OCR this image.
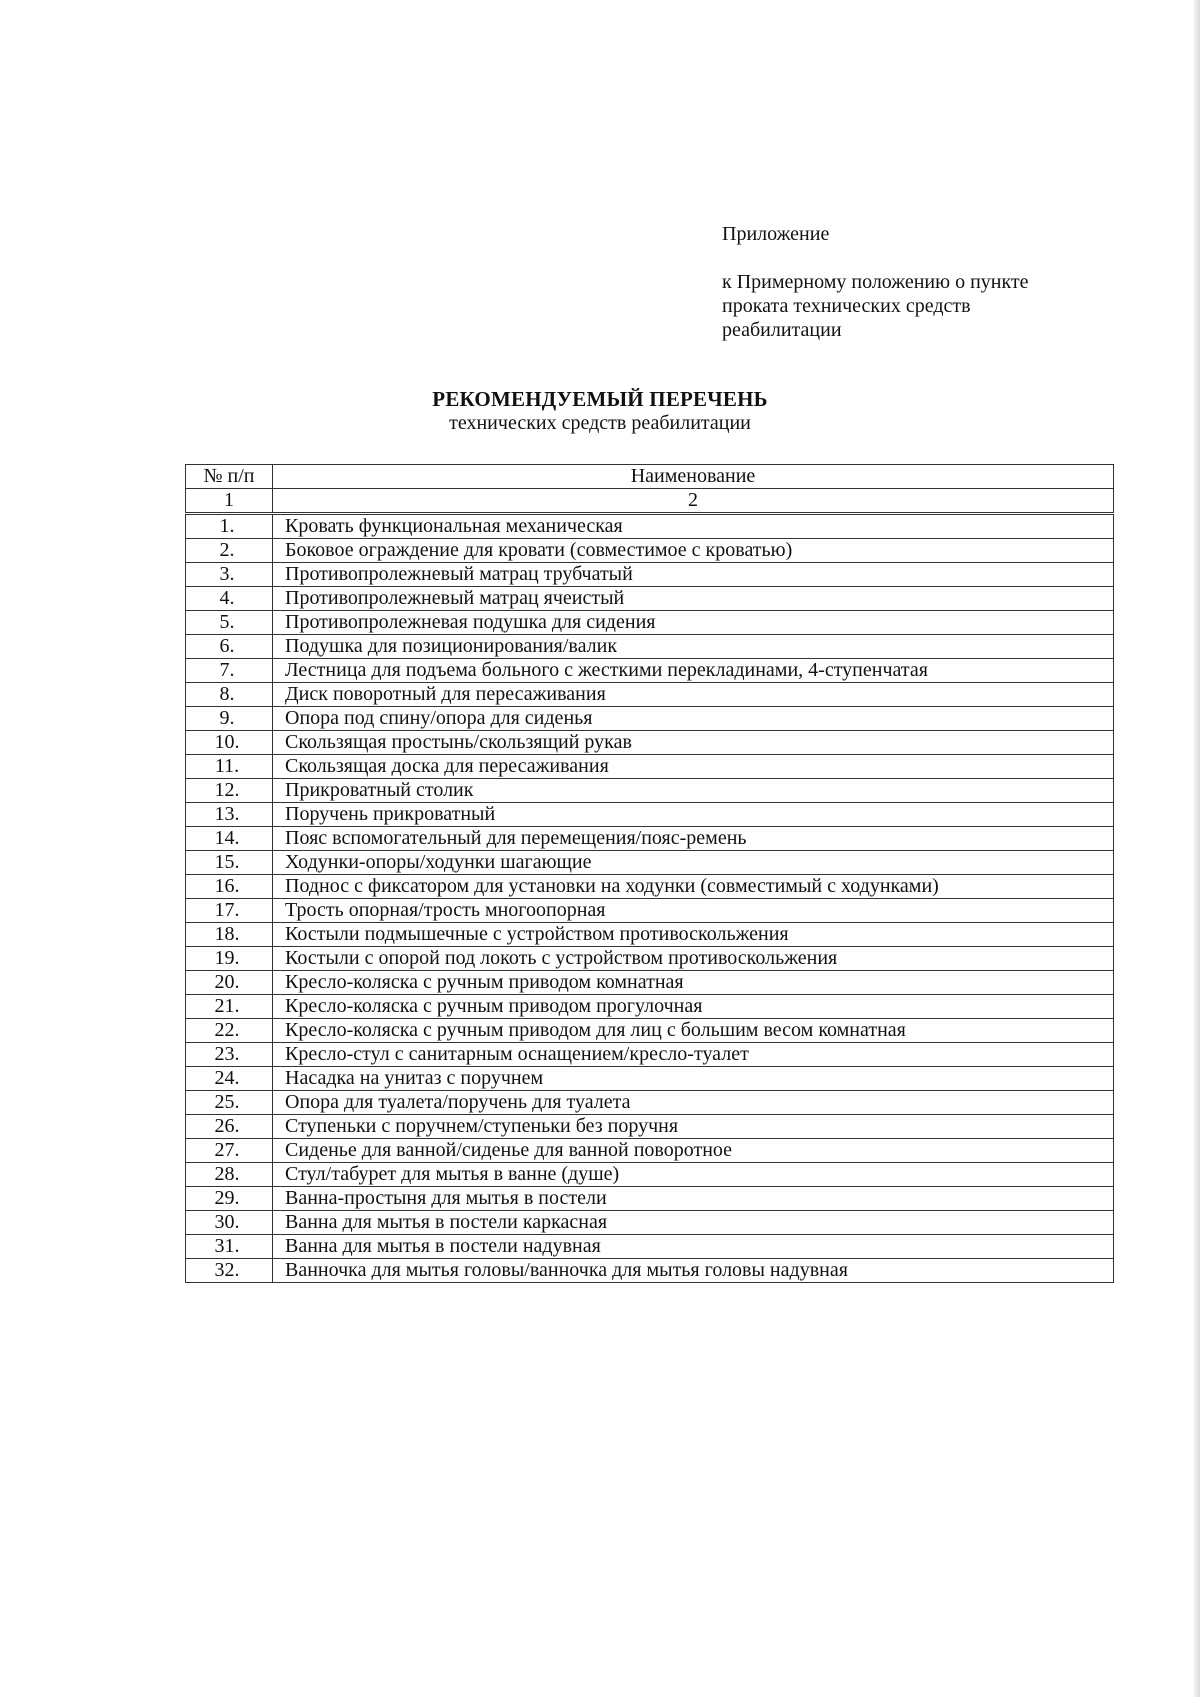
Приложение

к Примерному положению о пункте проката технических средств реабилитации

РЕКОМЕНДУЕМЫЙ ПЕРЕЧЕНЬ
технических средств реабилитации
№ п/п	Наименование
1	2
1.	Кровать функциональная механическая
2.	Боковое ограждение для кровати (совместимое с кроватью)
3.	Противопролежневый матрац трубчатый
4.	Противопролежневый матрац ячеистый
5.	Противопролежневая подушка для сидения
6.	Подушка для позиционирования/валик
7.	Лестница для подъема больного с жесткими перекладинами, 4-ступенчатая
8.	Диск поворотный для пересаживания
9.	Опора под спину/опора для сиденья
10.	Скользящая простынь/скользящий рукав
11.	Скользящая доска для пересаживания
12.	Прикроватный столик
13.	Поручень прикроватный
14.	Пояс вспомогательный для перемещения/пояс-ремень
15.	Ходунки-опоры/ходунки шагающие
16.	Поднос с фиксатором для установки на ходунки (совместимый с ходунками)
17.	Трость опорная/трость многоопорная
18.	Костыли подмышечные с устройством противоскольжения
19.	Костыли с опорой под локоть с устройством противоскольжения
20.	Кресло-коляска с ручным приводом комнатная
21.	Кресло-коляска с ручным приводом прогулочная
22.	Кресло-коляска с ручным приводом для лиц с большим весом комнатная
23.	Кресло-стул с санитарным оснащением/кресло-туалет
24.	Насадка на унитаз с поручнем
25.	Опора для туалета/поручень для туалета
26.	Ступеньки с поручнем/ступеньки без поручня
27.	Сиденье для ванной/сиденье для ванной поворотное
28.	Стул/табурет для мытья в ванне (душе)
29.	Ванна-простыня для мытья в постели
30.	Ванна для мытья в постели каркасная
31.	Ванна для мытья в постели надувная
32.	Ванночка для мытья головы/ванночка для мытья головы надувная
